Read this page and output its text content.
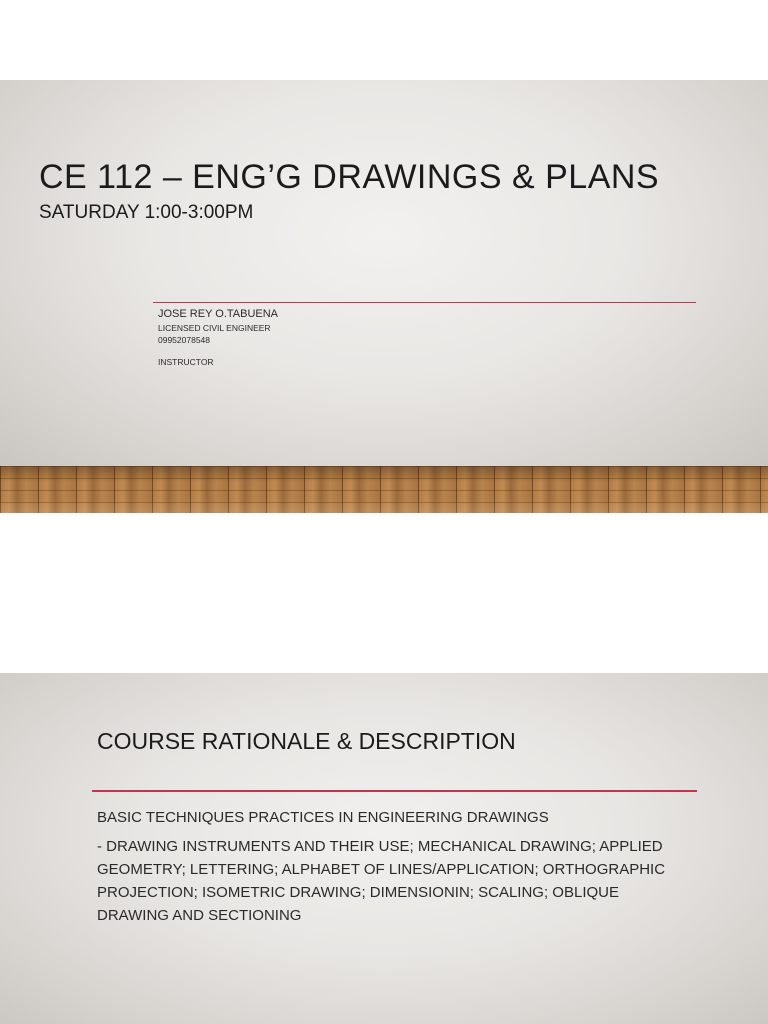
CE 112 – ENG’G DRAWINGS & PLANS
SATURDAY 1:00-3:00PM
JOSE REY O.TABUENA
LICENSED CIVIL ENGINEER
09952078548
INSTRUCTOR
COURSE RATIONALE & DESCRIPTION
BASIC TECHNIQUES PRACTICES IN ENGINEERING DRAWINGS
- DRAWING INSTRUMENTS AND THEIR USE; MECHANICAL DRAWING; APPLIED GEOMETRY; LETTERING; ALPHABET OF LINES/APPLICATION; ORTHOGRAPHIC PROJECTION; ISOMETRIC DRAWING; DIMENSIONIN; SCALING; OBLIQUE DRAWING AND SECTIONING
